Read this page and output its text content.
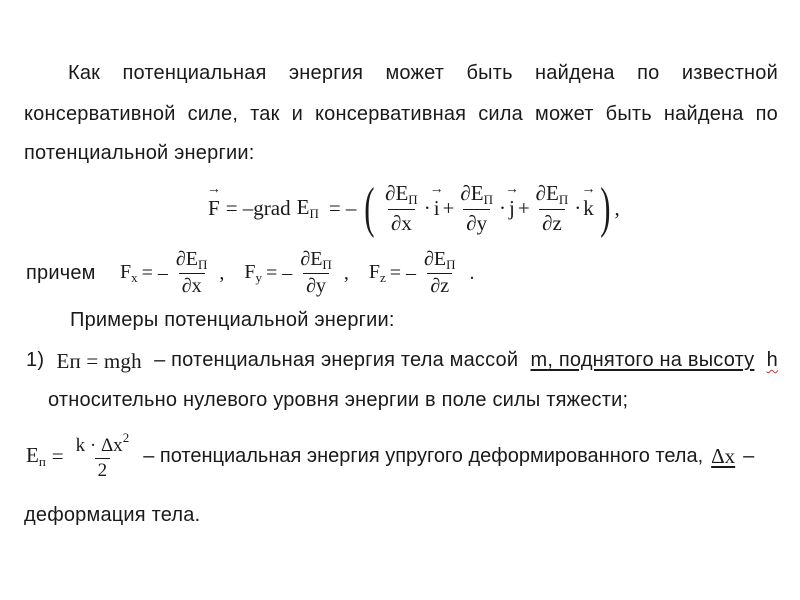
Как потенциальная энергия может быть найдена по известной
консервативной силе, так и консервативная сила может быть найдена по
потенциальной энергии:
→ F = –grad $E_П$ = – ( $\frac{\partial E_П}{\partial x}$ · → $i + \frac{\partial E_П}{\partial y}$ · → $j + \frac{\partial E_П}{\partial z}$ · → k ) ,
причем $F_x$ = – $\frac{\partial E_П}{\partial x}$ , $F_y$ = – $\frac{\partial E_П}{\partial y}$ , $F_z$ = – $\frac{\partial E_П}{\partial z}$ .
Примеры потенциальной энергии:
1) Eп = mgh – потенциальная энергия тела массой m, поднятого на высоту h
относительно нулевого уровня энергии в поле силы тяжести;
$E_п = \frac{k \cdot \Delta x^2}{2}$ – потенциальная энергия упругого деформированного тела, Δx –
деформация тела.
